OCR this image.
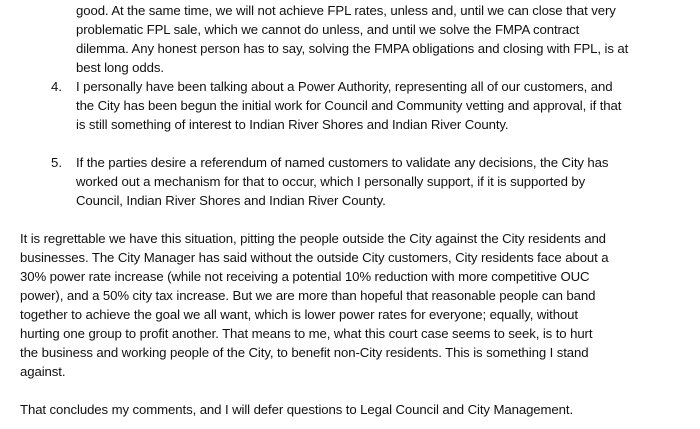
good. At the same time, we will not achieve FPL rates, unless and, until we can close that very
problematic FPL sale, which we cannot do unless, and until we solve the FMPA contract
dilemma. Any honest person has to say, solving the FMPA obligations and closing with FPL, is at
best long odds.
4. I personally have been talking about a Power Authority, representing all of our customers, and
the City has been begun the initial work for Council and Community vetting and approval, if that
is still something of interest to Indian River Shores and Indian River County.
5. If the parties desire a referendum of named customers to validate any decisions, the City has
worked out a mechanism for that to occur, which I personally support, if it is supported by
Council, Indian River Shores and Indian River County.
It is regrettable we have this situation, pitting the people outside the City against the City residents and
businesses. The City Manager has said without the outside City customers, City residents face about a
30% power rate increase (while not receiving a potential 10% reduction with more competitive OUC
power), and a 50% city tax increase. But we are more than hopeful that reasonable people can band
together to achieve the goal we all want, which is lower power rates for everyone; equally, without
hurting one group to profit another. That means to me, what this court case seems to seek, is to hurt
the business and working people of the City, to benefit non-City residents. This is something I stand
against.
That concludes my comments, and I will defer questions to Legal Council and City Management.
